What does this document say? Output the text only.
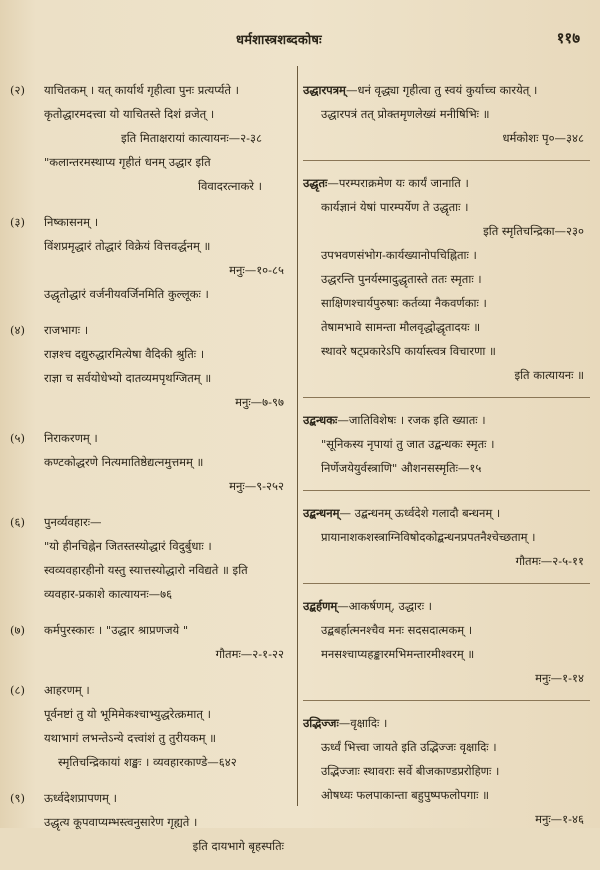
धर्मशास्त्रशब्दकोषः	११७
(२) याचितकम् । यत् कार्यार्थ गृहीत्वा पुनः प्रत्यर्प्यते ।
कृतोद्धारमदत्त्वा यो याचितस्ते दिशं व्रजेत् ।
इति मिताक्षरायां कात्यायनः—२-३८
"कलान्तरमस्थाप्य गृहीतं धनम् उद्धार इति
विवादरत्नाकरे ।
(३) निष्कासनम् ।
विंशप्रमृद्धारं तोद्धारं विक्रेयं वित्तवर्द्धनम् ॥
मनुः—१०-८५
उद्धृतोद्धारं वर्जनीयवर्जिनमिति कुल्लूकः ।
(४) राजभागः ।
राज्ञश्च दद्युरुद्धारमित्येषा वैदिकी श्रुतिः ।
राज्ञा च सर्वयोधेभ्यो दातव्यमपृथग्जितम् ॥
मनुः—७-९७
(५) निराकरणम् ।
कण्टकोद्धरणे नित्यमातिष्ठेद्यत्नमुत्तमम् ॥
मनुः—९-२५२
(६) पुनर्व्यवहारः—
"यो हीनचिह्नेन जितस्तस्योद्धारं विदुर्बुधाः ।
स्वव्यवहारहीनो यस्तु स्यात्तस्योद्धारो नविद्यते ॥ इति
व्यवहार-प्रकाशे कात्यायनः—७६
(७) कर्मपुरस्कारः । "उद्धार श्राप्रणजये "
गौतमः—२-१-२२
(८) आहरणम् ।
पूर्वनष्टां तु यो भूमिमेकश्चाभ्युद्धरेत्क्रमात् ।
यथाभागं लभन्तेऽन्ये दत्त्वांशं तु तुरीयकम् ॥
स्मृतिचन्द्रिकायां शङ्खः । व्यवहारकाण्डे—६४२
(९) ऊर्ध्वदेशप्रापणम् ।
उद्धृत्य कूपवाप्यम्भस्त्वनुसारेण गृह्यते ।
इति दायभागे बृहस्पतिः
उद्धारपत्रम्—धनं वृद्ध्या गृहीत्वा तु स्वयं कुर्याच्च कारयेत् ।
उद्धारपत्रं तत् प्रोक्तमृणलेख्यं मनीषिभिः ॥
धर्मकोशः पृ०—३४८
उद्धृतः—परम्पराक्रमेण यः कार्यं जानाति ।
कार्यज्ञानं येषां पारम्पर्येण ते उद्धृताः ।
इति स्मृतिचन्द्रिका—२३०
उपभवणसंभोग-कार्यख्यानोपचिह्निताः ।
उद्धरन्ति पुनर्यस्मादुद्धृतास्ते ततः स्मृताः ।
साक्षिणश्चार्यपुरुषाः कर्तव्या नैकवर्णकाः ।
तेषामभावे सामन्ता मौलवृद्धोद्धृतादयः ॥
स्थावरे षट्प्रकारेऽपि कार्यास्त्वत्र विचारणा ॥
इति कात्यायनः ॥
उद्बन्धकः—जातिविशेषः । रजक इति ख्यातः ।
"सूनिकस्य नृपायां तु जात उद्बन्धकः स्मृतः ।
निर्णेजयेयुर्वस्त्राणि" औशनसस्मृतिः—१५
उद्बन्धनम्— उद्बन्धनम् ऊर्ध्वदेशे गलादौ बन्धनम् ।
प्रायानाशकशस्त्राग्निविषोदकोद्बन्धनप्रपतनैश्चेच्छताम् ।
गौतमः—२-५-११
उद्बर्हणम्—आकर्षणम्, उद्धारः ।
उद्बबर्हात्मनश्चैव मनः सदसदात्मकम् ।
मनसश्चाप्यहङ्कारमभिमन्तारमीश्वरम् ॥
मनुः—१-१४
उद्भिज्जः—वृक्षादिः ।
ऊर्ध्वं भित्त्वा जायते इति उद्भिज्जः वृक्षादिः ।
उद्भिज्जाः स्थावराः सर्वे बीजकाण्डप्ररोहिणः ।
ओषध्यः फलपाकान्ता बहुपुष्पफलोपगाः ॥
मनुः—१-४६
